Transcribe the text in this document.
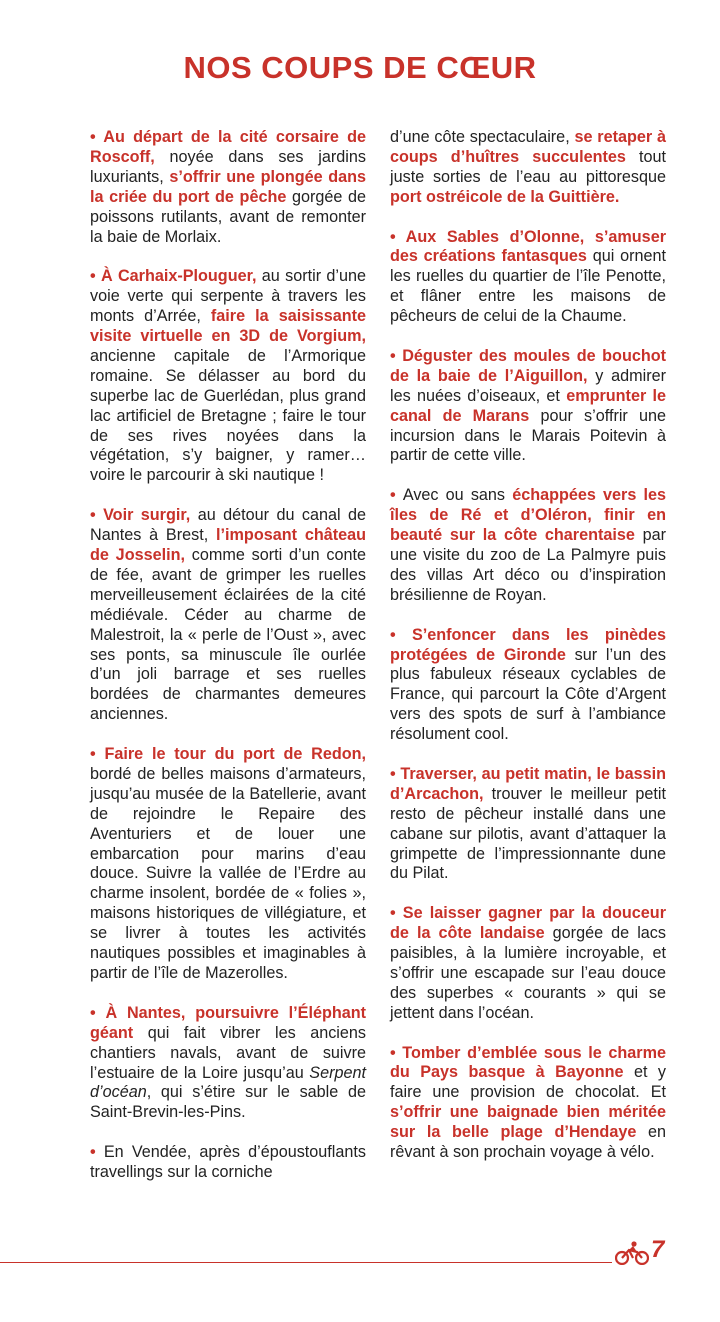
NOS COUPS DE CŒUR

• Au départ de la cité corsaire de Roscoff, noyée dans ses jardins luxuriants, s’offrir une plongée dans la criée du port de pêche gorgée de poissons rutilants, avant de remonter la baie de Morlaix.

• À Carhaix-Plouguer, au sortir d’une voie verte qui serpente à travers les monts d’Arrée, faire la saisissante visite virtuelle en 3D de Vorgium, ancienne capitale de l’Armorique romaine. Se délasser au bord du superbe lac de Guerlédan, plus grand lac artificiel de Bretagne ; faire le tour de ses rives noyées dans la végétation, s’y baigner, y ramer… voire le parcourir à ski nautique !

• Voir surgir, au détour du canal de Nantes à Brest, l’imposant château de Josselin, comme sorti d’un conte de fée, avant de grimper les ruelles merveilleusement éclairées de la cité médiévale. Céder au charme de Malestroit, la « perle de l’Oust », avec ses ponts, sa minuscule île ourlée d’un joli barrage et ses ruelles bordées de charmantes demeures anciennes.

• Faire le tour du port de Redon, bordé de belles maisons d’armateurs, jusqu’au musée de la Batellerie, avant de rejoindre le Repaire des Aventuriers et de louer une embarcation pour marins d’eau douce. Suivre la vallée de l’Erdre au charme insolent, bordée de « folies », maisons historiques de villégiature, et se livrer à toutes les activités nautiques possibles et imaginables à partir de l’île de Mazerolles.

• À Nantes, poursuivre l’Éléphant géant qui fait vibrer les anciens chantiers navals, avant de suivre l’estuaire de la Loire jusqu’au Serpent d’océan, qui s’étire sur le sable de Saint-Brevin-les-Pins.

• En Vendée, après d’époustouflants travellings sur la corniche

d’une côte spectaculaire, se retaper à coups d’huîtres succulentes tout juste sorties de l’eau au pittoresque port ostréicole de la Guittière.

• Aux Sables d’Olonne, s’amuser des créations fantasques qui ornent les ruelles du quartier de l’île Penotte, et flâner entre les maisons de pêcheurs de celui de la Chaume.

• Déguster des moules de bouchot de la baie de l’Aiguillon, y admirer les nuées d’oiseaux, et emprunter le canal de Marans pour s’offrir une incursion dans le Marais Poitevin à partir de cette ville.

• Avec ou sans échappées vers les îles de Ré et d’Oléron, finir en beauté sur la côte charentaise par une visite du zoo de La Palmyre puis des villas Art déco ou d’inspiration brésilienne de Royan.

• S’enfoncer dans les pinèdes protégées de Gironde sur l’un des plus fabuleux réseaux cyclables de France, qui parcourt la Côte d’Argent vers des spots de surf à l’ambiance résolument cool.

• Traverser, au petit matin, le bassin d’Arcachon, trouver le meilleur petit resto de pêcheur installé dans une cabane sur pilotis, avant d’attaquer la grimpette de l’impressionnante dune du Pilat.

• Se laisser gagner par la douceur de la côte landaise gorgée de lacs paisibles, à la lumière incroyable, et s’offrir une escapade sur l’eau douce des superbes « courants » qui se jettent dans l’océan.

• Tomber d’emblée sous le charme du Pays basque à Bayonne et y faire une provision de chocolat. Et s’offrir une baignade bien méritée sur la belle plage d’Hendaye en rêvant à son prochain voyage à vélo.

7
